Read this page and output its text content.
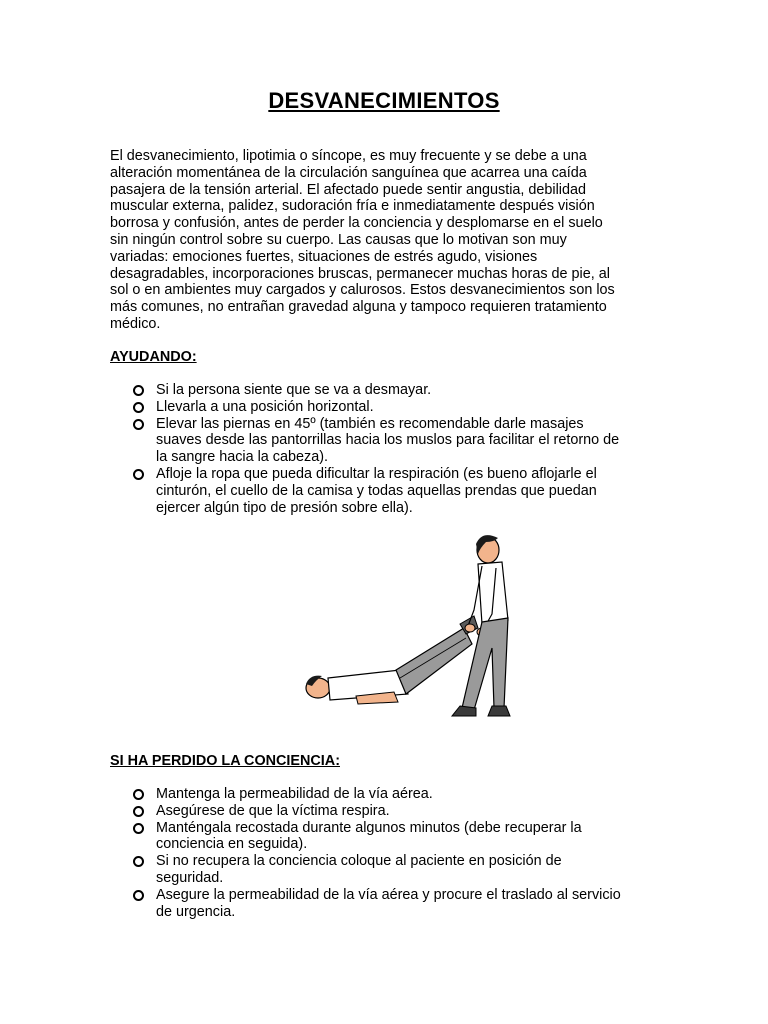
DESVANECIMIENTOS
El desvanecimiento, lipotimia o síncope, es muy frecuente y se debe a una
alteración momentánea de la circulación sanguínea que acarrea una caída
pasajera de la tensión arterial. El afectado puede sentir angustia, debilidad
muscular externa, palidez, sudoración fría e inmediatamente después visión
borrosa y confusión, antes de perder la conciencia y desplomarse en el suelo
sin ningún control sobre su cuerpo. Las causas que lo motivan son muy
variadas: emociones fuertes, situaciones de estrés agudo, visiones
desagradables, incorporaciones bruscas, permanecer muchas horas de pie, al
sol o en ambientes muy cargados y calurosos. Estos desvanecimientos son los
más comunes, no entrañan gravedad alguna y tampoco requieren tratamiento
médico.
AYUDANDO:
Si la persona siente que se va a desmayar.
Llevarla a una posición horizontal.
Elevar las piernas en 45º (también es recomendable darle masajes
suaves desde las pantorrillas hacia los muslos para facilitar el retorno de
la sangre hacia la cabeza).
Afloje la ropa que pueda dificultar la respiración (es bueno aflojarle el
cinturón, el cuello de la camisa y todas aquellas prendas que puedan
ejercer algún tipo de presión sobre ella).
SI HA PERDIDO LA CONCIENCIA:
Mantenga la permeabilidad de la vía aérea.
Asegúrese de que la víctima respira.
Manténgala recostada durante algunos minutos (debe recuperar la
conciencia en seguida).
Si no recupera la conciencia coloque al paciente en posición de
seguridad.
Asegure la permeabilidad de la vía aérea y procure el traslado al servicio
de urgencia.
